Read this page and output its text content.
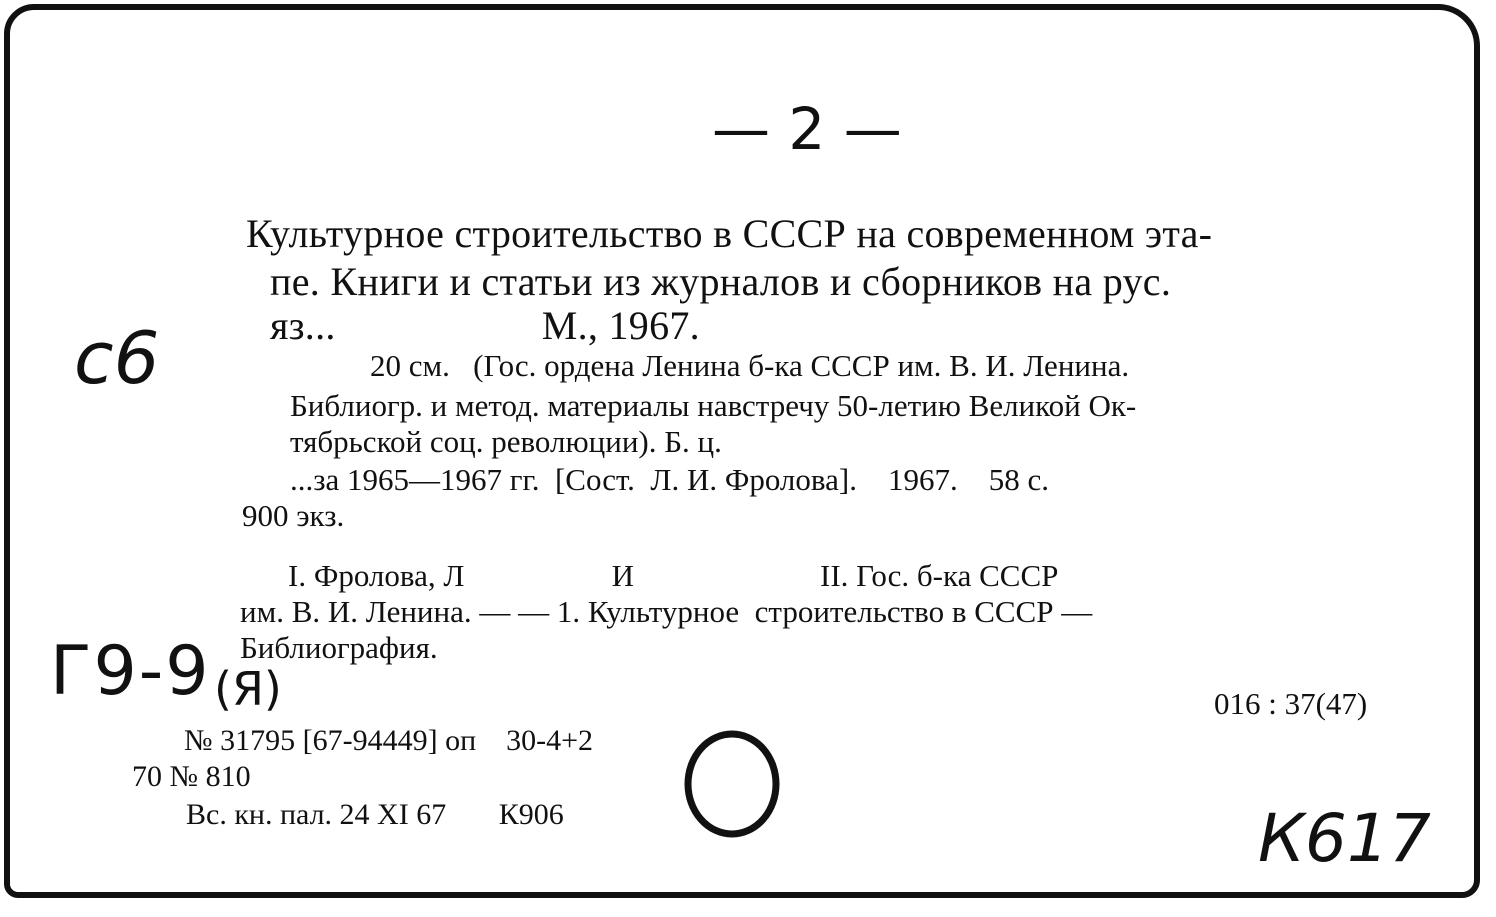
— 2 —
Культурное строительство в СССР на современном эта-
пе. Книги и статьи из журналов и сборников на рус.
яз...                    М., 1967.
с6	20 см.   (Гос. ордена Ленина б-ка СССР им. В. И. Ленина.
Библиогр. и метод. материалы навстречу 50-летию Великой Ок-
тябрьской соц. революции). Б. ц.
...за 1965—1967 гг.  [Сост.  Л. И. Фролова].    1967.    58 с.
900 экз.
I. Фролова, Л                   И                        II. Гос. б-ка СССР
им. В. И. Ленина. — — 1. Культурное  строительство в СССР —
Библиография.
Г9-9 (Я)	016 : 37(47)
№ 31795 [67-94449] оп    30-4+2
70 № 810
Вс. кн. пал. 24 XI 67       К906	К617
